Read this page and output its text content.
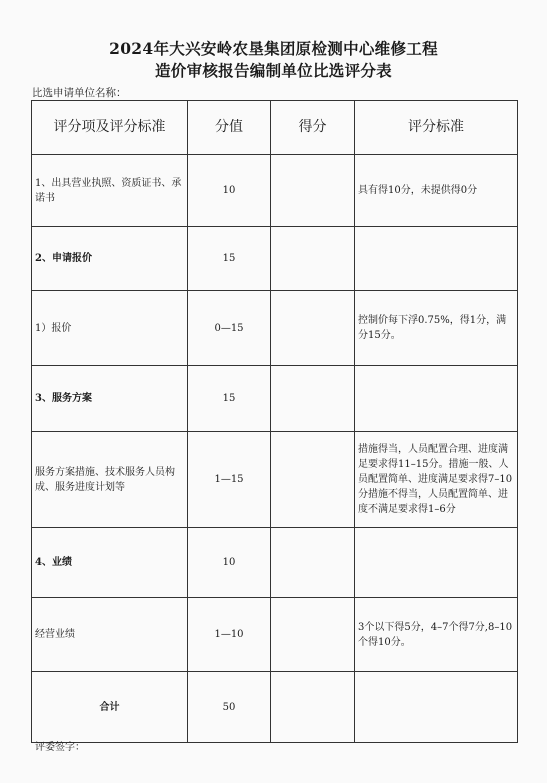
2024年大兴安岭农垦集团原检测中心维修工程
造价审核报告编制单位比选评分表
比选申请单位名称：
评分项及评分标准	分值	得分	评分标准
1、出具营业执照、资质证书、承诺书	10		具有得10分，未提供得0分
2、申请报价	15		
1）报价	0—15		控制价每下浮0.75%，得1分，满分15分。
3、服务方案	15		
服务方案措施、技术服务人员构成、服务进度计划等	1—15		措施得当，人员配置合理、进度满足要求得11–15分。措施一般、人员配置简单、进度满足要求得7–10分措施不得当，人员配置简单、进度不满足要求得1–6分
4、业绩	10		
经营业绩	1—10		3个以下得5分，4–7个得7分,8–10个得10分。
合计	50		
评委签字：
